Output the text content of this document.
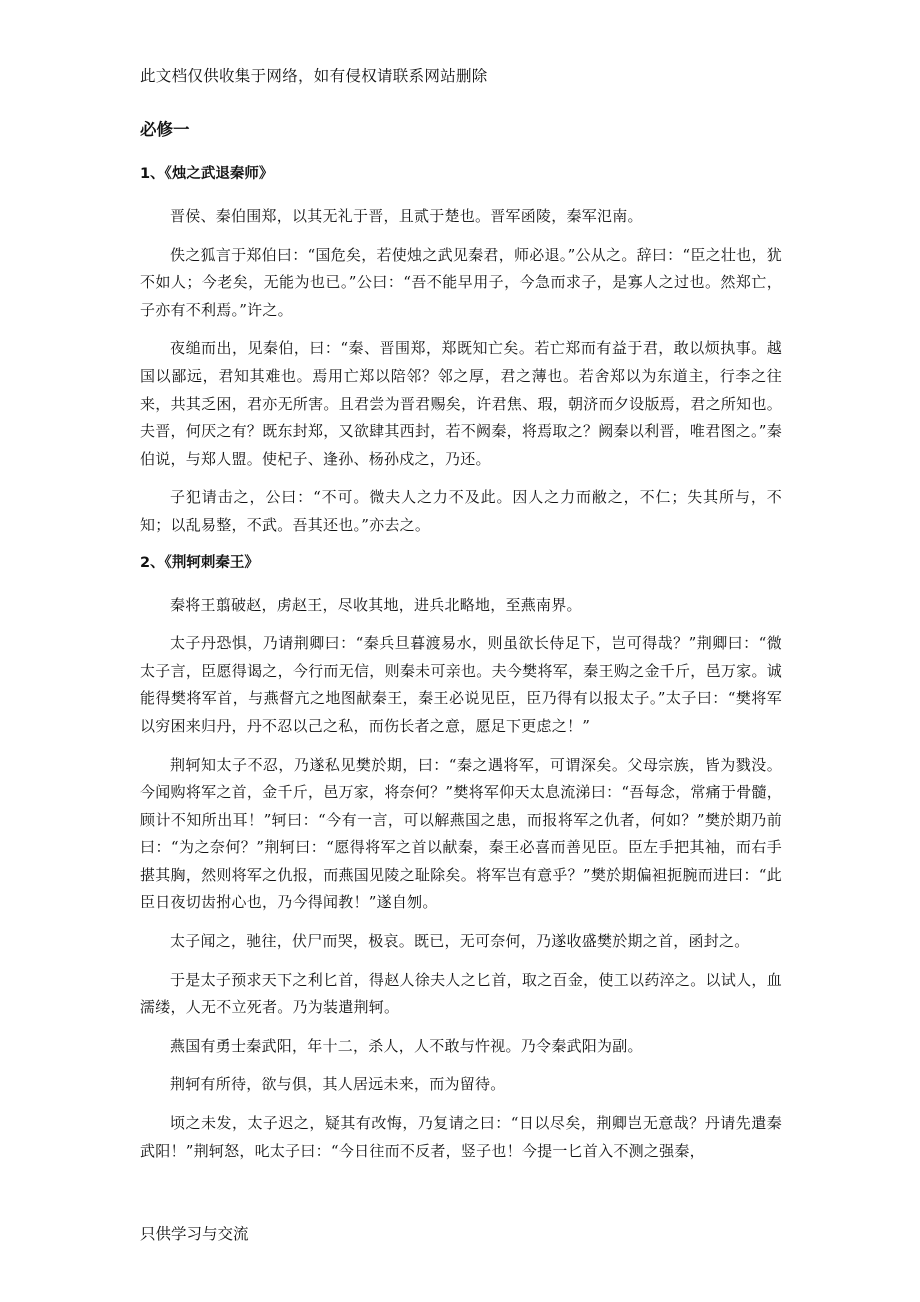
此文档仅供收集于网络，如有侵权请联系网站删除
必修一
1、《烛之武退秦师》

晋侯、秦伯围郑，以其无礼于晋，且贰于楚也。晋军函陵，秦军氾南。

佚之狐言于郑伯曰：“国危矣，若使烛之武见秦君，师必退。”公从之。辞曰：“臣之壮也，犹不如人；今老矣，无能为也已。”公曰：“吾不能早用子，今急而求子，是寡人之过也。然郑亡，子亦有不利焉。”许之。

夜缒而出，见秦伯，曰：“秦、晋围郑，郑既知亡矣。若亡郑而有益于君，敢以烦执事。越国以鄙远，君知其难也。焉用亡郑以陪邻？邻之厚，君之薄也。若舍郑以为东道主，行李之往来，共其乏困，君亦无所害。且君尝为晋君赐矣，许君焦、瑕，朝济而夕设版焉，君之所知也。夫晋，何厌之有？既东封郑，又欲肆其西封，若不阙秦，将焉取之？阙秦以利晋，唯君图之。”秦伯说，与郑人盟。使杞子、逢孙、杨孙戍之，乃还。

子犯请击之，公曰：“不可。微夫人之力不及此。因人之力而敝之，不仁；失其所与，不知；以乱易整，不武。吾其还也。”亦去之。

2、《荆轲刺秦王》

秦将王翦破赵，虏赵王，尽收其地，进兵北略地，至燕南界。

太子丹恐惧，乃请荆卿曰：“秦兵旦暮渡易水，则虽欲长侍足下，岂可得哉？”荆卿曰：“微太子言，臣愿得谒之，今行而无信，则秦未可亲也。夫今樊将军，秦王购之金千斤，邑万家。诚能得樊将军首，与燕督亢之地图献秦王，秦王必说见臣，臣乃得有以报太子。”太子曰：“樊将军以穷困来归丹，丹不忍以己之私，而伤长者之意，愿足下更虑之！”

荆轲知太子不忍，乃遂私见樊於期，曰：“秦之遇将军，可谓深矣。父母宗族，皆为戮没。今闻购将军之首，金千斤，邑万家，将奈何？”樊将军仰天太息流涕曰：“吾每念，常痛于骨髓，顾计不知所出耳！”轲曰：“今有一言，可以解燕国之患，而报将军之仇者，何如？”樊於期乃前曰：“为之奈何？”荆轲曰：“愿得将军之首以献秦，秦王必喜而善见臣。臣左手把其袖，而右手揕其胸，然则将军之仇报，而燕国见陵之耻除矣。将军岂有意乎？”樊於期偏袒扼腕而进曰：“此臣日夜切齿拊心也，乃今得闻教！”遂自刎。

太子闻之，驰往，伏尸而哭，极哀。既已，无可奈何，乃遂收盛樊於期之首，函封之。

于是太子预求天下之利匕首，得赵人徐夫人之匕首，取之百金，使工以药淬之。以试人，血濡缕，人无不立死者。乃为装遣荆轲。

燕国有勇士秦武阳，年十二，杀人，人不敢与忤视。乃令秦武阳为副。

荆轲有所待，欲与俱，其人居远未来，而为留待。

顷之未发，太子迟之，疑其有改悔，乃复请之曰：“日以尽矣，荆卿岂无意哉？丹请先遣秦武阳！”荆轲怒，叱太子曰：“今日往而不反者，竖子也！今提一匕首入不测之强秦，

只供学习与交流
